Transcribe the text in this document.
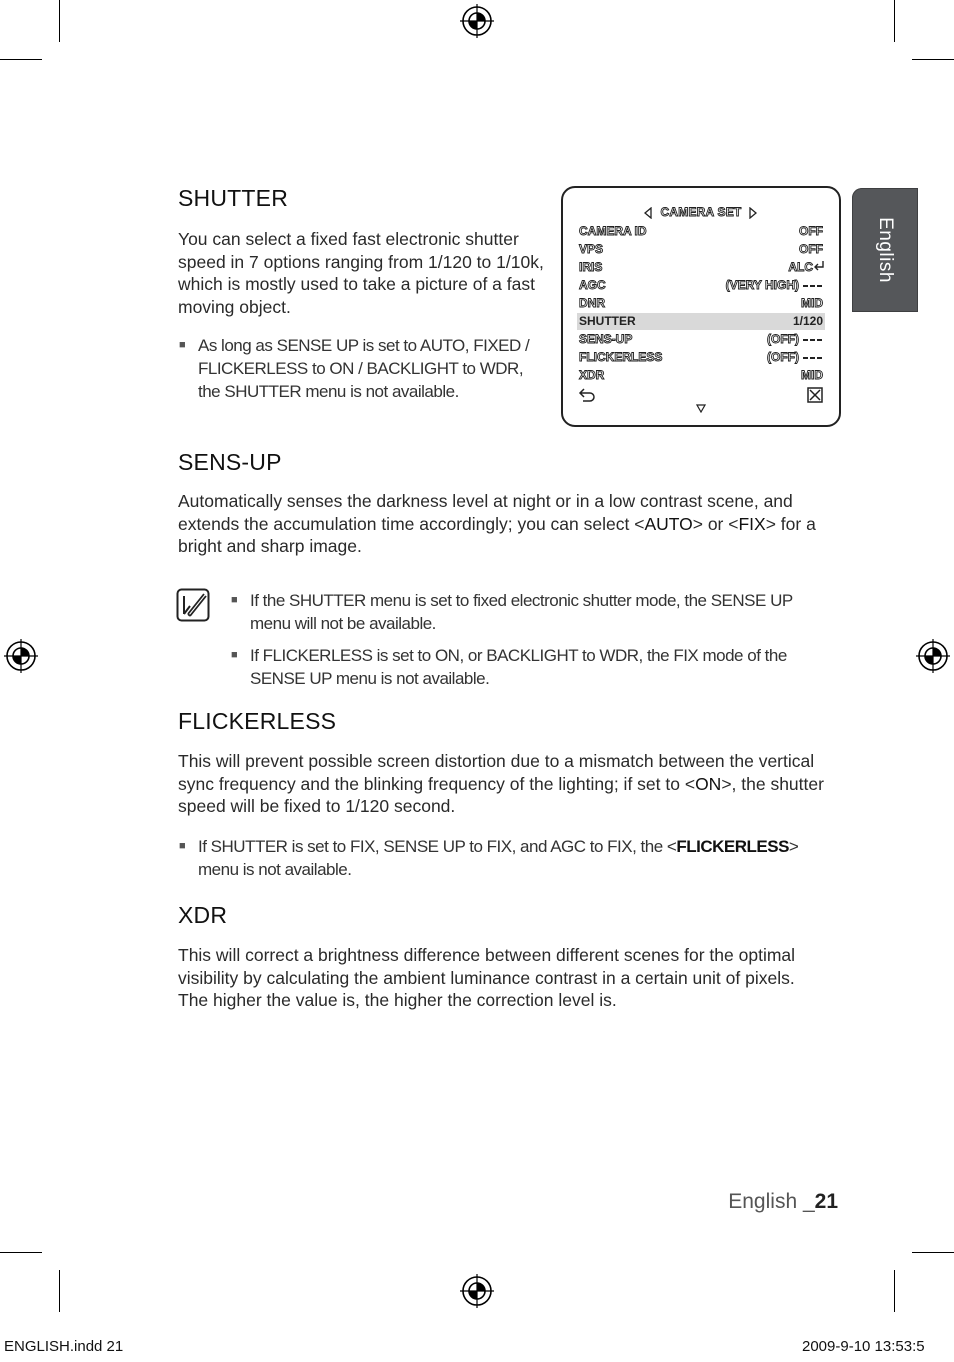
English
SHUTTER

You can select a fixed fast electronic shutter speed in 7 options ranging from 1/120 to 1/10k, which is mostly used to take a picture of a fast moving object.

■ As long as SENSE UP is set to AUTO, FIXED / FLICKERLESS to ON / BACKLIGHT to WDR, the SHUTTER menu is not available.

CAMERA SET
CAMERA ID	OFF
VPS	OFF
IRIS	ALC
AGC	(VERY HIGH)
DNR	MID
SHUTTER	1/120
SENS-UP	(OFF)
FLICKERLESS	(OFF)
XDR	MID
SENS-UP

Automatically senses the darkness level at night or in a low contrast scene, and extends the accumulation time accordingly; you can select <AUTO> or <FIX> for a bright and sharp image.

■ If the SHUTTER menu is set to fixed electronic shutter mode, the SENSE UP menu will not be available.

■ If FLICKERLESS is set to ON, or BACKLIGHT to WDR, the FIX mode of the SENSE UP menu is not available.

FLICKERLESS

This will prevent possible screen distortion due to a mismatch between the vertical sync frequency and the blinking frequency of the lighting; if set to <ON>, the shutter speed will be fixed to 1/120 second.

■ If SHUTTER is set to FIX, SENSE UP to FIX, and AGC to FIX, the <FLICKERLESS> menu is not available.

XDR

This will correct a brightness difference between different scenes for the optimal visibility by calculating the ambient luminance contrast in a certain unit of pixels. The higher the value is, the higher the correction level is.

English _21
ENGLISH.indd 21	2009-9-10 13:53:5
